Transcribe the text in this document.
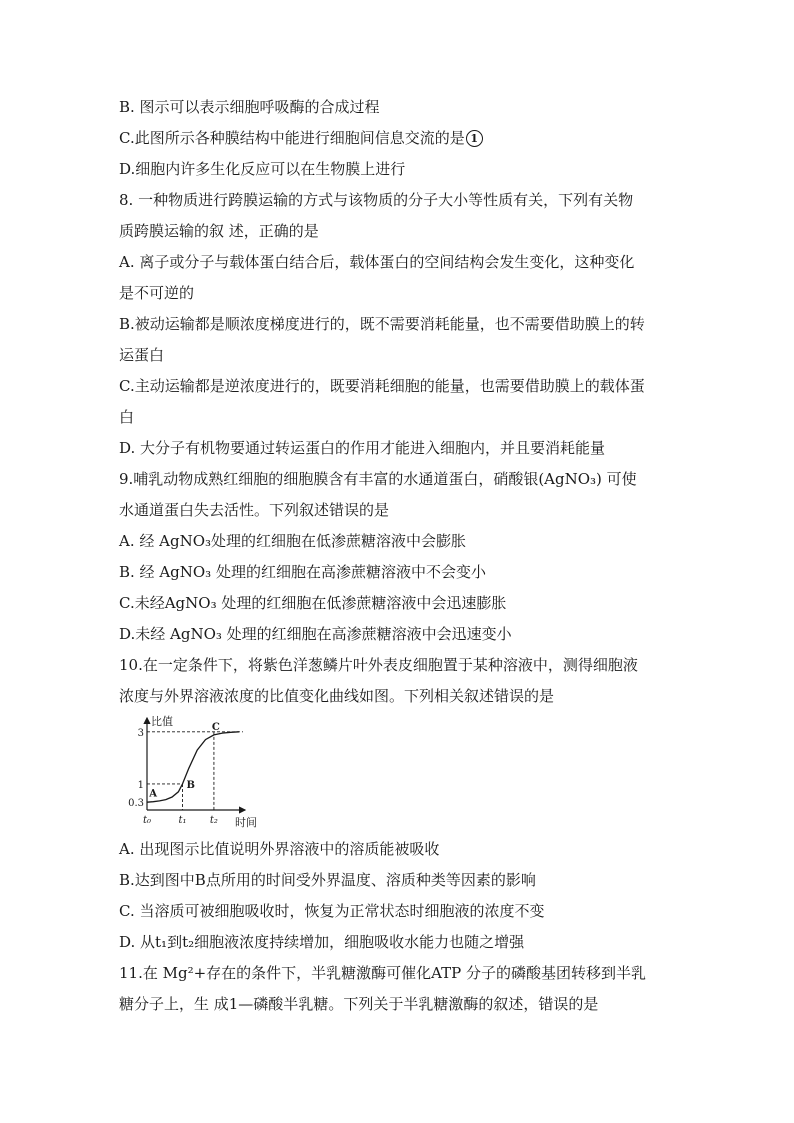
B. 图示可以表示细胞呼吸酶的合成过程

C.此图所示各种膜结构中能进行细胞间信息交流的是 1

D.细胞内许多生化反应可以在生物膜上进行

8. 一种物质进行跨膜运输的方式与该物质的分子大小等性质有关，下列有关物

质跨膜运输的叙 述，正确的是

A. 离子或分子与载体蛋白结合后，载体蛋白的空间结构会发生变化，这种变化

是不可逆的

B.被动运输都是顺浓度梯度进行的，既不需要消耗能量，也不需要借助膜上的转

运蛋白

C.主动运输都是逆浓度进行的，既要消耗细胞的能量，也需要借助膜上的载体蛋

白

D. 大分子有机物要通过转运蛋白的作用才能进入细胞内，并且要消耗能量

9.哺乳动物成熟红细胞的细胞膜含有丰富的水通道蛋白，硝酸银(AgNO₃) 可使

水通道蛋白失去活性。下列叙述错误的是

A. 经 AgNO₃处理的红细胞在低渗蔗糖溶液中会膨胀

B. 经 AgNO₃ 处理的红细胞在高渗蔗糖溶液中不会变小

C.未经AgNO₃ 处理的红细胞在低渗蔗糖溶液中会迅速膨胀

D.未经 AgNO₃ 处理的红细胞在高渗蔗糖溶液中会迅速变小

10.在一定条件下，将紫色洋葱鳞片叶外表皮细胞置于某种溶液中，测得细胞液

浓度与外界溶液浓度的比值变化曲线如图。下列相关叙述错误的是

比值
时间
3
1
0.3
t₀	t₁ t₂
A
B
C

A. 出现图示比值说明外界溶液中的溶质能被吸收

B.达到图中B点所用的时间受外界温度、溶质种类等因素的影响

C. 当溶质可被细胞吸收时，恢复为正常状态时细胞液的浓度不变

D. 从t₁到t₂细胞液浓度持续增加，细胞吸收水能力也随之增强

11.在 Mg²+存在的条件下，半乳糖激酶可催化ATP 分子的磷酸基团转移到半乳

糖分子上，生 成1—磷酸半乳糖。下列关于半乳糖激酶的叙述，错误的是
